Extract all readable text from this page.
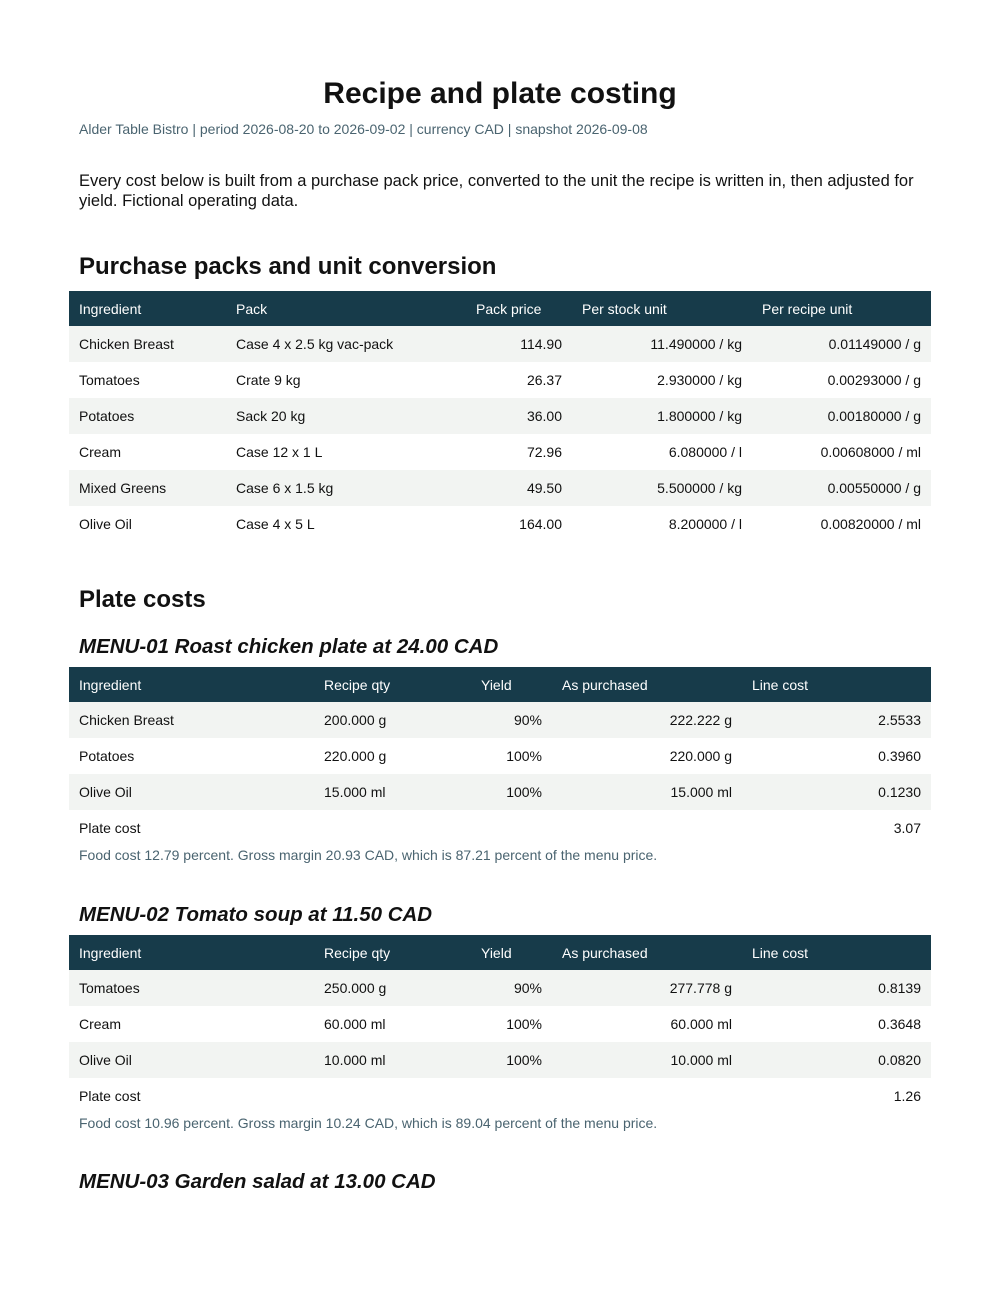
Recipe and plate costing
Alder Table Bistro | period 2026-08-20 to 2026-09-02 | currency CAD | snapshot 2026-09-08
Every cost below is built from a purchase pack price, converted to the unit the recipe is written in, then adjusted for yield. Fictional operating data.
Purchase packs and unit conversion
Ingredient	Pack	Pack price	Per stock unit	Per recipe unit
Chicken Breast	Case 4 x 2.5 kg vac-pack	114.90	11.490000 / kg	0.01149000 / g
Tomatoes	Crate 9 kg	26.37	2.930000 / kg	0.00293000 / g
Potatoes	Sack 20 kg	36.00	1.800000 / kg	0.00180000 / g
Cream	Case 12 x 1 L	72.96	6.080000 / l	0.00608000 / ml
Mixed Greens	Case 6 x 1.5 kg	49.50	5.500000 / kg	0.00550000 / g
Olive Oil	Case 4 x 5 L	164.00	8.200000 / l	0.00820000 / ml
Plate costs
MENU-01 Roast chicken plate at 24.00 CAD
Ingredient	Recipe qty	Yield	As purchased	Line cost
Chicken Breast	200.000 g	90%	222.222 g	2.5533
Potatoes	220.000 g	100%	220.000 g	0.3960
Olive Oil	15.000 ml	100%	15.000 ml	0.1230
Plate cost				3.07
Food cost 12.79 percent. Gross margin 20.93 CAD, which is 87.21 percent of the menu price.
MENU-02 Tomato soup at 11.50 CAD
Ingredient	Recipe qty	Yield	As purchased	Line cost
Tomatoes	250.000 g	90%	277.778 g	0.8139
Cream	60.000 ml	100%	60.000 ml	0.3648
Olive Oil	10.000 ml	100%	10.000 ml	0.0820
Plate cost				1.26
Food cost 10.96 percent. Gross margin 10.24 CAD, which is 89.04 percent of the menu price.
MENU-03 Garden salad at 13.00 CAD
